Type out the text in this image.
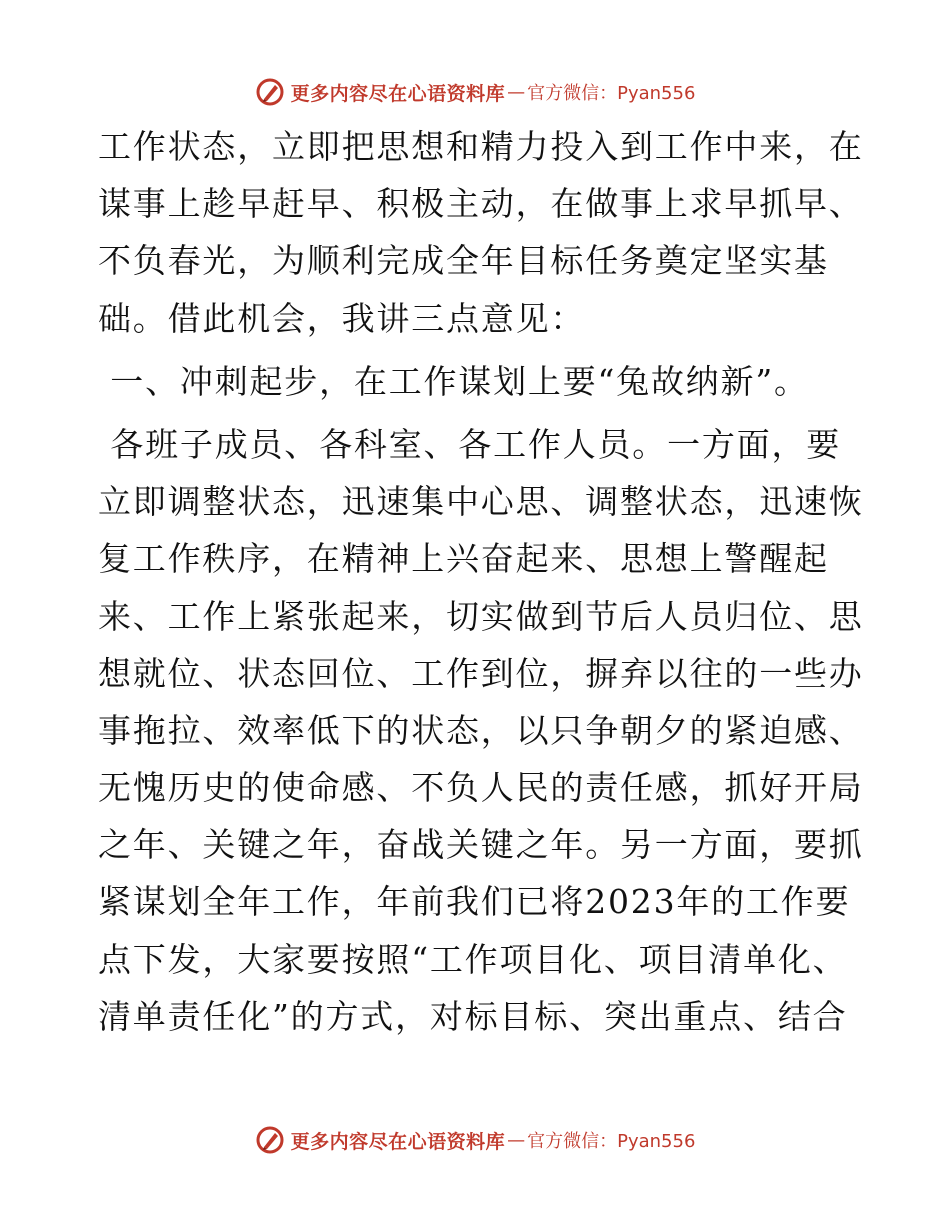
更多内容尽在心语资料库 — 官方微信：Pyan556
工作状态，立即把思想和精力投入到工作中来，在
谋事上趁早赶早、积极主动，在做事上求早抓早、
不负春光，为顺利完成全年目标任务奠定坚实基
础。借此机会，我讲三点意见：
一、冲刺起步，在工作谋划上要“兔故纳新”。
各班子成员、各科室、各工作人员。一方面，要
立即调整状态，迅速集中心思、调整状态，迅速恢
复工作秩序，在精神上兴奋起来、思想上警醒起
来、工作上紧张起来，切实做到节后人员归位、思
想就位、状态回位、工作到位，摒弃以往的一些办
事拖拉、效率低下的状态，以只争朝夕的紧迫感、
无愧历史的使命感、不负人民的责任感，抓好开局
之年、关键之年，奋战关键之年。另一方面，要抓
紧谋划全年工作，年前我们已将2023年的工作要
点下发，大家要按照“工作项目化、项目清单化、
清单责任化”的方式，对标目标、突出重点、结合
更多内容尽在心语资料库 — 官方微信：Pyan556
